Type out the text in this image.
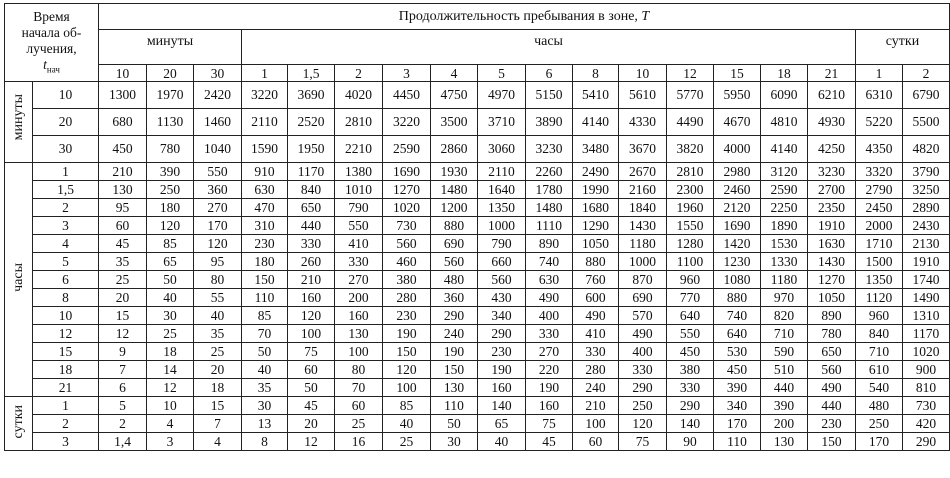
Время
начала об-
лучения,
$t_{нач}$		Продолжительность пребывания в зоне, T																	
		минуты			часы													сутки	
		10	20	30	1	1,5	2	3	4	5	6	8	10	12	15	18	21	1	2
минуты	10	1300	1970	2420	3220	3690	4020	4450	4750	4970	5150	5410	5610	5770	5950	6090	6210	6310	6790
	20	680	1130	1460	2110	2520	2810	3220	3500	3710	3890	4140	4330	4490	4670	4810	4930	5220	5500
	30	450	780	1040	1590	1950	2210	2590	2860	3060	3230	3480	3670	3820	4000	4140	4250	4350	4820
часы	1	210	390	550	910	1170	1380	1690	1930	2110	2260	2490	2670	2810	2980	3120	3230	3320	3790
	1,5	130	250	360	630	840	1010	1270	1480	1640	1780	1990	2160	2300	2460	2590	2700	2790	3250
	2	95	180	270	470	650	790	1020	1200	1350	1480	1680	1840	1960	2120	2250	2350	2450	2890
	3	60	120	170	310	440	550	730	880	1000	1110	1290	1430	1550	1690	1890	1910	2000	2430
	4	45	85	120	230	330	410	560	690	790	890	1050	1180	1280	1420	1530	1630	1710	2130
	5	35	65	95	180	260	330	460	560	660	740	880	1000	1100	1230	1330	1430	1500	1910
	6	25	50	80	150	210	270	380	480	560	630	760	870	960	1080	1180	1270	1350	1740
	8	20	40	55	110	160	200	280	360	430	490	600	690	770	880	970	1050	1120	1490
	10	15	30	40	85	120	160	230	290	340	400	490	570	640	740	820	890	960	1310
	12	12	25	35	70	100	130	190	240	290	330	410	490	550	640	710	780	840	1170
	15	9	18	25	50	75	100	150	190	230	270	330	400	450	530	590	650	710	1020
	18	7	14	20	40	60	80	120	150	190	220	280	330	380	450	510	560	610	900
	21	6	12	18	35	50	70	100	130	160	190	240	290	330	390	440	490	540	810
сутки	1	5	10	15	30	45	60	85	110	140	160	210	250	290	340	390	440	480	730
	2	2	4	7	13	20	25	40	50	65	75	100	120	140	170	200	230	250	420
	3	1,4	3	4	8	12	16	25	30	40	45	60	75	90	110	130	150	170	290
